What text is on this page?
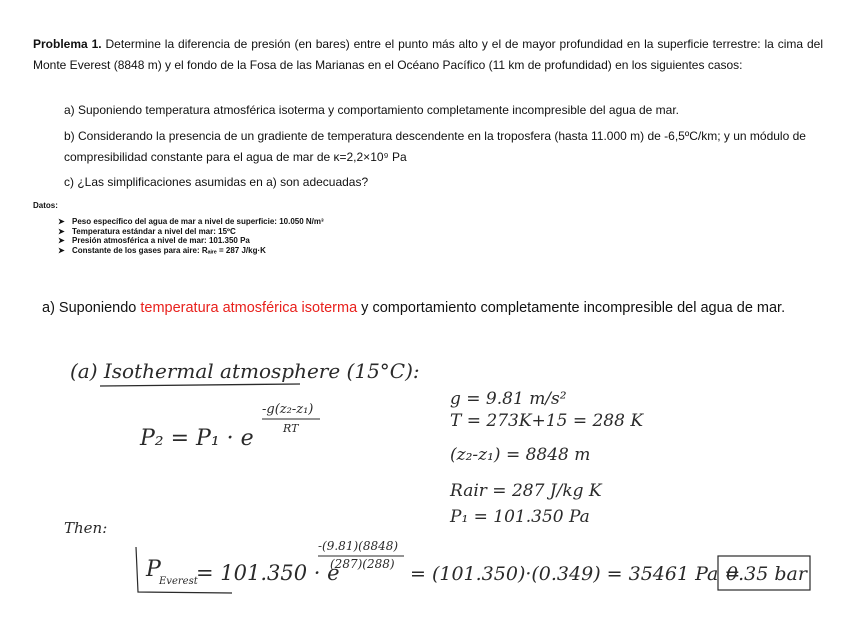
Problema 1. Determine la diferencia de presión (en bares) entre el punto más alto y el de mayor profundidad en la superficie terrestre: la cima del Monte Everest (8848 m) y el fondo de la Fosa de las Marianas en el Océano Pacífico (11 km de profundidad) en los siguientes casos:
a) Suponiendo temperatura atmosférica isoterma y comportamiento completamente incompresible del agua de mar.
b) Considerando la presencia de un gradiente de temperatura descendente en la troposfera (hasta 11.000 m) de -6,5ºC/km; y un módulo de compresibilidad constante para el agua de mar de κ=2,2×10⁹ Pa
c) ¿Las simplificaciones asumidas en a) son adecuadas?
Datos:
➤ Peso específico del agua de mar a nivel de superficie: 10.050 N/m³
➤ Temperatura estándar a nivel del mar: 15ºC
➤ Presión atmosférica a nivel de mar: 101.350 Pa
➤ Constante de los gases para aire: Rₐᵢᵣₑ = 287 J/kg·K
a) Suponiendo temperatura atmosférica isoterma y comportamiento completamente incompresible del agua de mar.
(a) Isothermal atmosphere (15°C):
P₂ = P₁ · e
-g(z₂-z₁)
RT
g = 9.81 m/s²
T = 273K+15 = 288 K
(z₂-z₁) = 8848 m
Rair = 287 J/kg K
P₁ = 101.350 Pa
Then:
P
Everest
= 101.350 · e
-(9.81)(8848)
(287)(288) = (101.350)·(0.349) = 35461 Pa =
0.35 bar
